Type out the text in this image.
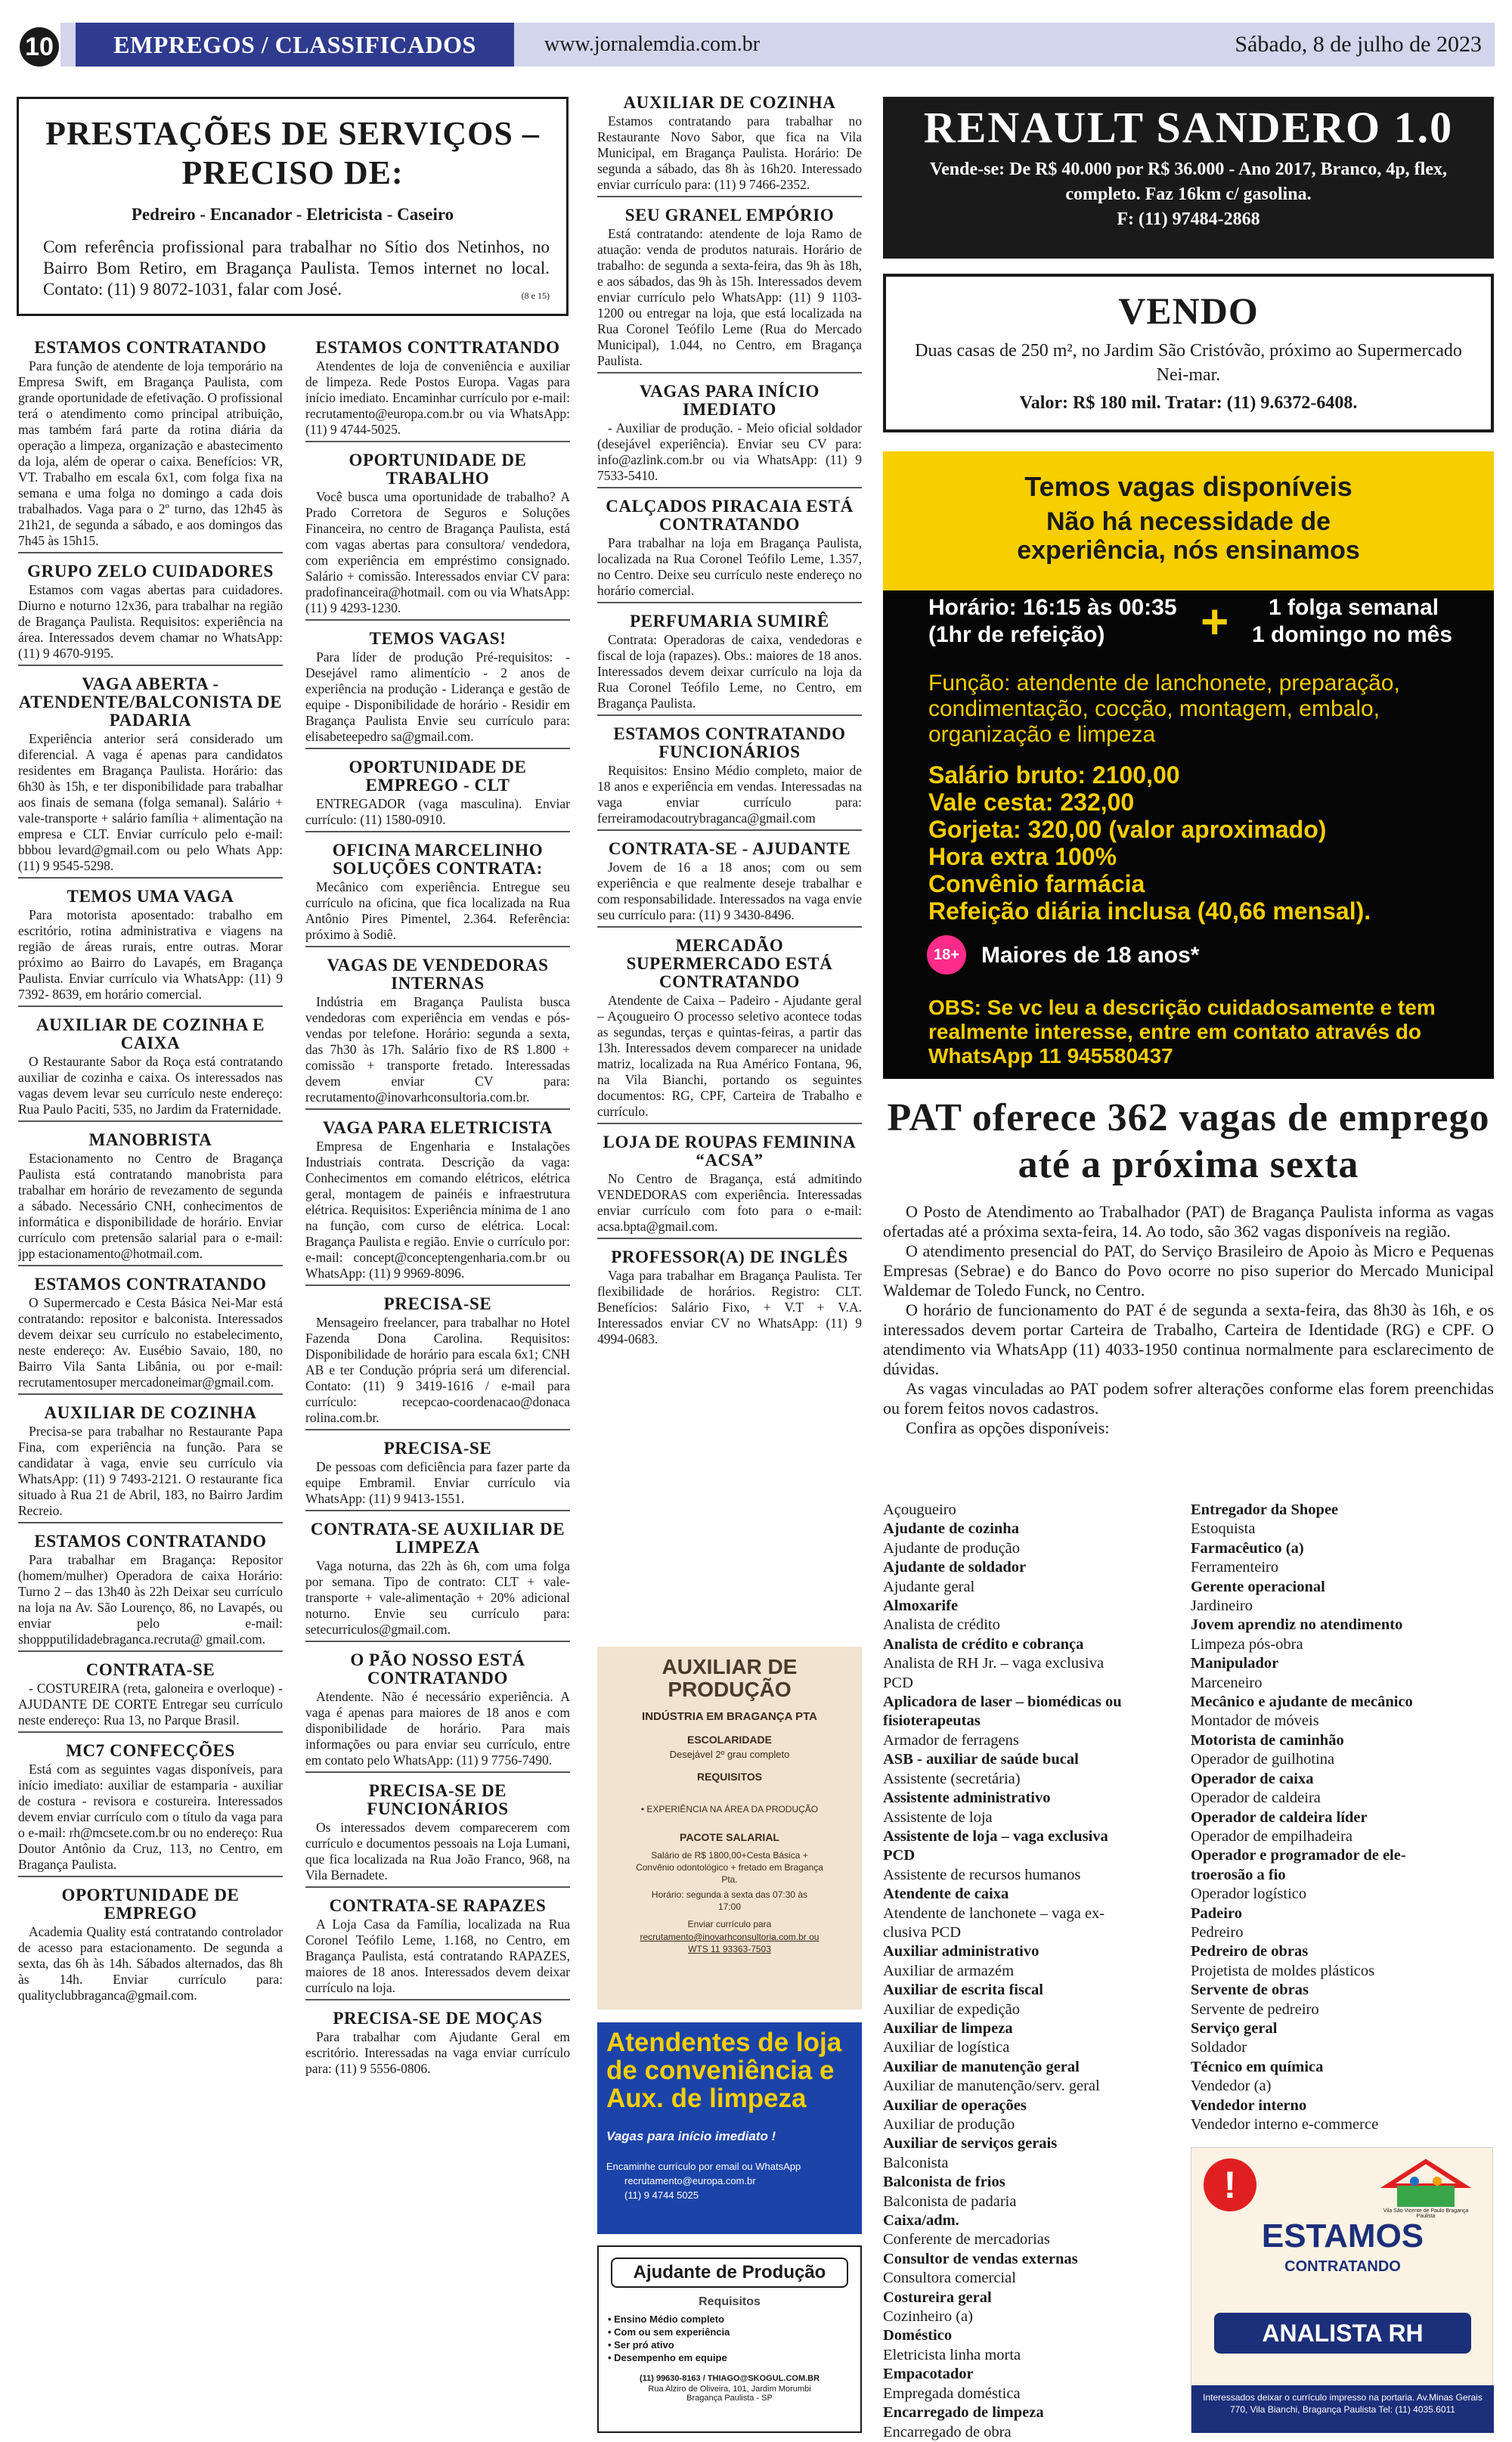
10	EMPREGOS / CLASSIFICADOS	www.jornalemdia.com.br	Sábado, 8 de julho de 2023
PRESTAÇÕES DE SERVIÇOS – PRECISO DE:
Pedreiro - Encanador - Eletricista - Caseiro
Com referência profissional para trabalhar no Sítio dos Netinhos, no Bairro Bom Retiro, em Bragança Paulista. Temos internet no local. Contato: (11) 9 8072-1031, falar com José.	(8 e 15)
ESTAMOS CONTRATANDO

Para função de atendente de loja temporário na Empresa Swift, em Bragança Paulista, com grande oportunidade de efetivação. O profissional terá o atendimento como principal atribuição, mas também fará parte da rotina diária da operação a limpeza, organização e abastecimento da loja, além de operar o caixa. Benefícios: VR, VT. Trabalho em escala 6x1, com folga fixa na semana e uma folga no domingo a cada dois trabalhados. Vaga para o 2º turno, das 12h45 às 21h21, de segunda a sábado, e aos domingos das 7h45 às 15h15.

GRUPO ZELO CUIDADORES

Estamos com vagas abertas para cuidadores. Diurno e noturno 12x36, para trabalhar na região de Bragança Paulista. Requisitos: experiência na área. Interessados devem chamar no WhatsApp: (11) 9 4670-9195.

VAGA ABERTA - ATENDENTE/BALCONISTA DE PADARIA

Experiência anterior será considerado um diferencial. A vaga é apenas para candidatos residentes em Bragança Paulista. Horário: das 6h30 às 15h, e ter disponibilidade para trabalhar aos finais de semana (folga semanal). Salário + vale-transporte + salário família + alimentação na empresa e CLT. Enviar currículo pelo e-mail: bbbou levard@gmail.com ou pelo Whats App: (11) 9 9545-5298.

TEMOS UMA VAGA

Para motorista aposentado: trabalho em escritório, rotina administrativa e viagens na região de áreas rurais, entre outras. Morar próximo ao Bairro do Lavapés, em Bragança Paulista. Enviar currículo via WhatsApp: (11) 9 7392- 8639, em horário comercial.

AUXILIAR DE COZINHA E CAIXA

O Restaurante Sabor da Roça está contratando auxiliar de cozinha e caixa. Os interessados nas vagas devem levar seu currículo neste endereço: Rua Paulo Paciti, 535, no Jardim da Fraternidade.

MANOBRISTA

Estacionamento no Centro de Bragança Paulista está contratando manobrista para trabalhar em horário de revezamento de segunda a sábado. Necessário CNH, conhecimentos de informática e disponibilidade de horário. Enviar currículo com pretensão salarial para o e-mail: jpp estacionamento@hotmail.com.

ESTAMOS CONTRATANDO

O Supermercado e Cesta Básica Nei-Mar está contratando: repositor e balconista. Interessados devem deixar seu currículo no estabelecimento, neste endereço: Av. Eusébio Savaio, 180, no Bairro Vila Santa Libânia, ou por e-mail: recrutamentosuper mercadoneimar@gmail.com.

AUXILIAR DE COZINHA

Precisa-se para trabalhar no Restaurante Papa Fina, com experiência na função. Para se candidatar à vaga, envie seu currículo via WhatsApp: (11) 9 7493-2121. O restaurante fica situado à Rua 21 de Abril, 183, no Bairro Jardim Recreio.

ESTAMOS CONTRATANDO

Para trabalhar em Bragança: Repositor (homem/mulher) Operadora de caixa Horário: Turno 2 – das 13h40 às 22h Deixar seu currículo na loja na Av. São Lourenço, 86, no Lavapés, ou enviar pelo e-mail: shoppputilidadebraganca.recruta@ gmail.com.

CONTRATA-SE

- COSTUREIRA (reta, galoneira e overloque) - AJUDANTE DE CORTE Entregar seu currículo neste endereço: Rua 13, no Parque Brasil.

MC7 CONFECÇÕES

Está com as seguintes vagas disponíveis, para início imediato: auxiliar de estamparia - auxiliar de costura - revisora e costureira. Interessados devem enviar currículo com o título da vaga para o e-mail: rh@mcsete.com.br ou no endereço: Rua Doutor Antônio da Cruz, 113, no Centro, em Bragança Paulista.

OPORTUNIDADE DE EMPREGO

Academia Quality está contratando controlador de acesso para estacionamento. De segunda a sexta, das 6h às 14h. Sábados alternados, das 8h às 14h. Enviar currículo para: qualityclubbraganca@gmail.com.

ESTAMOS CONTTRATANDO

Atendentes de loja de conveniência e auxiliar de limpeza. Rede Postos Europa. Vagas para início imediato. Encaminhar currículo por e-mail: recrutamento@europa.com.br ou via WhatsApp: (11) 9 4744-5025.

OPORTUNIDADE DE TRABALHO

Você busca uma oportunidade de trabalho? A Prado Corretora de Seguros e Soluções Financeira, no centro de Bragança Paulista, está com vagas abertas para consultora/ vendedora, com experiência em empréstimo consignado. Salário + comissão. Interessados enviar CV para: pradofinanceira@hotmail. com ou via WhatsApp: (11) 9 4293-1230.

TEMOS VAGAS!

Para líder de produção Pré-requisitos: - Desejável ramo alimentício - 2 anos de experiência na produção - Liderança e gestão de equipe - Disponibilidade de horário - Residir em Bragança Paulista Envie seu currículo para: elisabeteepedro sa@gmail.com.

OPORTUNIDADE DE EMPREGO - CLT

ENTREGADOR (vaga masculina). Enviar currículo: (11) 1580-0910.

OFICINA MARCELINHO SOLUÇÕES CONTRATA:

Mecânico com experiência. Entregue seu currículo na oficina, que fica localizada na Rua Antônio Pires Pimentel, 2.364. Referência: próximo à Sodiê.

VAGAS DE VENDEDORAS INTERNAS

Indústria em Bragança Paulista busca vendedoras com experiência em vendas e pós-vendas por telefone. Horário: segunda a sexta, das 7h30 às 17h. Salário fixo de R$ 1.800 + comissão + transporte fretado. Interessadas devem enviar CV para: recrutamento@inovarhconsultoria.com.br.

VAGA PARA ELETRICISTA

Empresa de Engenharia e Instalações Industriais contrata. Descrição da vaga: Conhecimentos em comando elétricos, elétrica geral, montagem de painéis e infraestrutura elétrica. Requisitos: Experiência mínima de 1 ano na função, com curso de elétrica. Local: Bragança Paulista e região. Envie o currículo por: e-mail: concept@conceptengenharia.com.br ou WhatsApp: (11) 9 9969-8096.

PRECISA-SE

Mensageiro freelancer, para trabalhar no Hotel Fazenda Dona Carolina. Requisitos: Disponibilidade de horário para escala 6x1; CNH AB e ter Condução própria será um diferencial. Contato: (11) 9 3419-1616 / e-mail para currículo: recepcao-coordenacao@donaca rolina.com.br.

PRECISA-SE

De pessoas com deficiência para fazer parte da equipe Embramil. Enviar currículo via WhatsApp: (11) 9 9413-1551.

CONTRATA-SE AUXILIAR DE LIMPEZA

Vaga noturna, das 22h às 6h, com uma folga por semana. Tipo de contrato: CLT + vale-transporte + vale-alimentação + 20% adicional noturno. Envie seu currículo para: setecurriculos@gmail.com.

O PÃO NOSSO ESTÁ CONTRATANDO

Atendente. Não é necessário experiência. A vaga é apenas para maiores de 18 anos e com disponibilidade de horário. Para mais informações ou para enviar seu currículo, entre em contato pelo WhatsApp: (11) 9 7756-7490.

PRECISA-SE DE FUNCIONÁRIOS

Os interessados devem comparecerem com currículo e documentos pessoais na Loja Lumani, que fica localizada na Rua João Franco, 968, na Vila Bernadete.

CONTRATA-SE RAPAZES

A Loja Casa da Família, localizada na Rua Coronel Teófilo Leme, 1.168, no Centro, em Bragança Paulista, está contratando RAPAZES, maiores de 18 anos. Interessados devem deixar currículo na loja.

PRECISA-SE DE MOÇAS

Para trabalhar com Ajudante Geral em escritório. Interessadas na vaga enviar currículo para: (11) 9 5556-0806.

AUXILIAR DE COZINHA

Estamos contratando para trabalhar no Restaurante Novo Sabor, que fica na Vila Municipal, em Bragança Paulista. Horário: De segunda a sábado, das 8h às 16h20. Interessado enviar currículo para: (11) 9 7466-2352.

SEU GRANEL EMPÓRIO

Está contratando: atendente de loja Ramo de atuação: venda de produtos naturais. Horário de trabalho: de segunda a sexta-feira, das 9h às 18h, e aos sábados, das 9h às 15h. Interessados devem enviar currículo pelo WhatsApp: (11) 9 1103-1200 ou entregar na loja, que está localizada na Rua Coronel Teófilo Leme (Rua do Mercado Municipal), 1.044, no Centro, em Bragança Paulista.

VAGAS PARA INÍCIO IMEDIATO

- Auxiliar de produção. - Meio oficial soldador (desejável experiência). Enviar seu CV para: info@azlink.com.br ou via WhatsApp: (11) 9 7533-5410.

CALÇADOS PIRACAIA ESTÁ CONTRATANDO

Para trabalhar na loja em Bragança Paulista, localizada na Rua Coronel Teófilo Leme, 1.357, no Centro. Deixe seu currículo neste endereço no horário comercial.

PERFUMARIA SUMIRÊ

Contrata: Operadoras de caixa, vendedoras e fiscal de loja (rapazes). Obs.: maiores de 18 anos. Interessados devem deixar currículo na loja da Rua Coronel Teófilo Leme, no Centro, em Bragança Paulista.

ESTAMOS CONTRATANDO FUNCIONÁRIOS

Requisitos: Ensino Médio completo, maior de 18 anos e experiência em vendas. Interessadas na vaga enviar currículo para: ferreiramodacoutrybraganca@gmail.com

CONTRATA-SE - AJUDANTE

Jovem de 16 a 18 anos; com ou sem experiência e que realmente deseje trabalhar e com responsabilidade. Interessados na vaga envie seu currículo para: (11) 9 3430-8496.

MERCADÃO SUPERMERCADO ESTÁ CONTRATANDO

Atendente de Caixa – Padeiro - Ajudante geral – Açougueiro O processo seletivo acontece todas as segundas, terças e quintas-feiras, a partir das 13h. Interessados devem comparecer na unidade matriz, localizada na Rua Américo Fontana, 96, na Vila Bianchi, portando os seguintes documentos: RG, CPF, Carteira de Trabalho e currículo.

LOJA DE ROUPAS FEMININA “ACSA”

No Centro de Bragança, está admitindo VENDEDORAS com experiência. Interessadas enviar currículo com foto para o e-mail: acsa.bpta@gmail.com.

PROFESSOR(A) DE INGLÊS

Vaga para trabalhar em Bragança Paulista. Ter flexibilidade de horários. Registro: CLT. Benefícios: Salário Fixo, + V.T + V.A. Interessados enviar CV no WhatsApp: (11) 9 4994-0683.

AUXILIAR DE PRODUÇÃO
INDÚSTRIA EM BRAGANÇA PTA
ESCOLARIDADE
Desejável 2º grau completo
REQUISITOS
• EXPERIÊNCIA NA ÁREA DA PRODUÇÃO
PACOTE SALARIAL
Salário de R$ 1800,00+Cesta Básica + Convênio odontológico + fretado em Bragança Pta.
Horário: segunda à sexta das 07:30 às 17:00
Enviar currículo para
recrutamento@inovarhconsultoria.com.br ou WTS 11 93363-7503
Atendentes de loja de conveniência e Aux. de limpeza
Vagas para início imediato !
Encaminhe currículo por email ou WhatsApp
recrutamento@europa.com.br
(11) 9 4744 5025
Ajudante de Produção
Requisitos
• Ensino Médio completo
• Com ou sem experiência
• Ser pró ativo
• Desempenho em equipe
(11) 99630-8163 / THIAGO@SKOGUL.COM.BR
Rua Alziro de Oliveira, 101, Jardim Morumbi
Bragança Paulista - SP
RENAULT SANDERO 1.0
Vende-se: De R$ 40.000 por R$ 36.000 - Ano 2017, Branco, 4p, flex, completo. Faz 16km c/ gasolina.
F: (11) 97484-2868
VENDO
Duas casas de 250 m², no Jardim São Cristóvão, próximo ao Supermercado Nei-mar.
Valor: R$ 180 mil. Tratar: (11) 9.6372-6408.
Temos vagas disponíveis
Não há necessidade de experiência, nós ensinamos
Horário: 16:15 às 00:35
(1hr de refeição) + 1 folga semanal
1 domingo no mês
Função: atendente de lanchonete, preparação, condimentação, cocção, montagem, embalo, organização e limpeza
Salário bruto: 2100,00
Vale cesta: 232,00
Gorjeta: 320,00 (valor aproximado)
Hora extra 100%
Convênio farmácia
Refeição diária inclusa (40,66 mensal).
18+ Maiores de 18 anos*
OBS: Se vc leu a descrição cuidadosamente e tem realmente interesse, entre em contato através do WhatsApp 11 945580437
PAT oferece 362 vagas de emprego até a próxima sexta

O Posto de Atendimento ao Trabalhador (PAT) de Bragança Paulista informa as vagas ofertadas até a próxima sexta-feira, 14. Ao todo, são 362 vagas disponíveis na região.

O atendimento presencial do PAT, do Serviço Brasileiro de Apoio às Micro e Pequenas Empresas (Sebrae) e do Banco do Povo ocorre no piso superior do Mercado Municipal Waldemar de Toledo Funck, no Centro.

O horário de funcionamento do PAT é de segunda a sexta-feira, das 8h30 às 16h, e os interessados devem portar Carteira de Trabalho, Carteira de Identidade (RG) e CPF. O atendimento via WhatsApp (11) 4033-1950 continua normalmente para esclarecimento de dúvidas.

As vagas vinculadas ao PAT podem sofrer alterações conforme elas forem preenchidas ou forem feitos novos cadastros.

Confira as opções disponíveis:

Açougueiro
Ajudante de cozinha
Ajudante de produção
Ajudante de soldador
Ajudante geral
Almoxarife
Analista de crédito
Analista de crédito e cobrança
Analista de RH Jr. – vaga exclusiva
PCD
Aplicadora de laser – biomédicas ou
fisioterapeutas
Armador de ferragens
ASB - auxiliar de saúde bucal
Assistente (secretária)
Assistente administrativo
Assistente de loja
Assistente de loja – vaga exclusiva
PCD
Assistente de recursos humanos
Atendente de caixa
Atendente de lanchonete – vaga ex-
clusiva PCD
Auxiliar administrativo
Auxiliar de armazém
Auxiliar de escrita fiscal
Auxiliar de expedição
Auxiliar de limpeza
Auxiliar de logística
Auxiliar de manutenção geral
Auxiliar de manutenção/serv. geral
Auxiliar de operações
Auxiliar de produção
Auxiliar de serviços gerais
Balconista
Balconista de frios
Balconista de padaria
Caixa/adm.
Conferente de mercadorias
Consultor de vendas externas
Consultora comercial
Costureira geral
Cozinheiro (a)
Doméstico
Eletricista linha morta
Empacotador
Empregada doméstica
Encarregado de limpeza
Encarregado de obra
Entregador da Shopee
Estoquista
Farmacêutico (a)
Ferramenteiro
Gerente operacional
Jardineiro
Jovem aprendiz no atendimento
Limpeza pós-obra
Manipulador
Marceneiro
Mecânico e ajudante de mecânico
Montador de móveis
Motorista de caminhão
Operador de guilhotina
Operador de caixa
Operador de caldeira
Operador de caldeira líder
Operador de empilhadeira
Operador e programador de ele-
troerosão a fio
Operador logístico
Padeiro
Pedreiro
Pedreiro de obras
Projetista de moldes plásticos
Servente de obras
Servente de pedreiro
Serviço geral
Soldador
Técnico em química
Vendedor (a)
Vendedor interno
Vendedor interno e-commerce
!
Vila São Vicente de Paulo Bragança Paulista
ESTAMOS
CONTRATANDO
ANALISTA RH
Interessados deixar o currículo impresso na portaria. Av.Minas Gerais 770, Vila Bianchi, Bragança Paulista Tel: (11) 4035.6011
